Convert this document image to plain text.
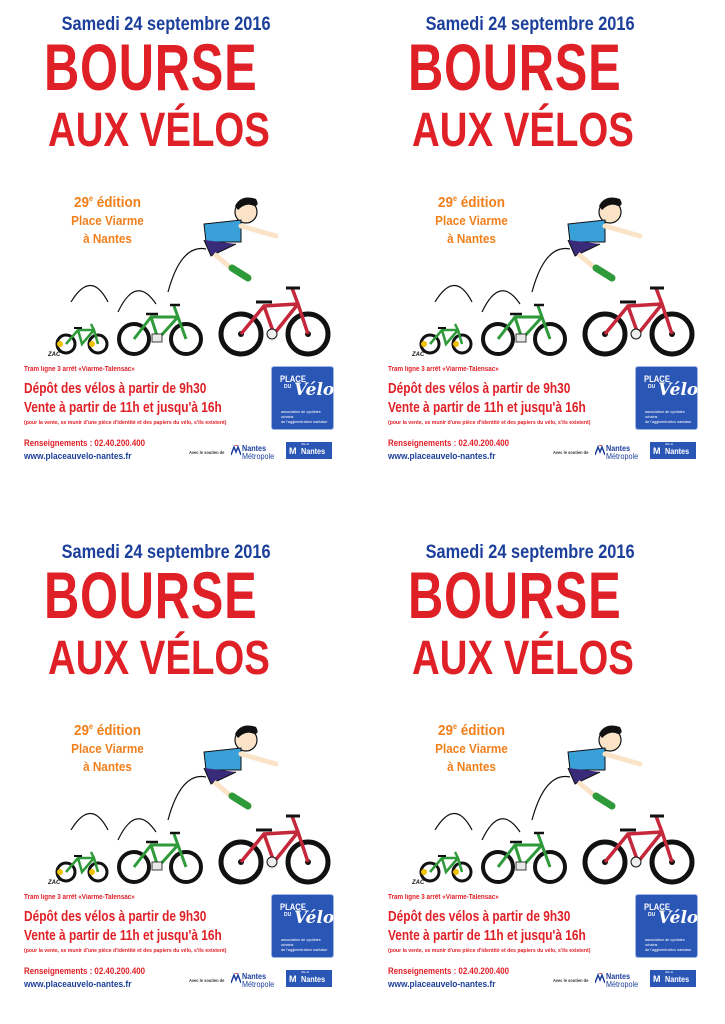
Samedi 24 septembre 2016
BOURSE
AUX VÉLOS
29e édition
Place Viarme
à Nantes
ZAC
Tram ligne 3 arrêt «Viarme-Talensac»
Dépôt des vélos à partir de 9h30
Vente à partir de 11h et jusqu'à 16h
(pour la vente, se munir d'une pièce d'identité et des papiers du vélo, s'ils existent)
Renseignements : 02.40.200.400
www.placeauvelo-nantes.fr
PLACE
DU Vélo
association de cyclistes urbains
de l'agglomération nantaise
Avec le soutien de Nantes
Métropole M
Ville de
Nantes
Samedi 24 septembre 2016
BOURSE
AUX VÉLOS
29e édition
Place Viarme
à Nantes
ZAC
Tram ligne 3 arrêt «Viarme-Talensac»
Dépôt des vélos à partir de 9h30
Vente à partir de 11h et jusqu'à 16h
(pour la vente, se munir d'une pièce d'identité et des papiers du vélo, s'ils existent)
Renseignements : 02.40.200.400
www.placeauvelo-nantes.fr
PLACE
DU Vélo
association de cyclistes urbains
de l'agglomération nantaise
Avec le soutien de Nantes
Métropole M
Ville de
Nantes
Samedi 24 septembre 2016
BOURSE
AUX VÉLOS
29e édition
Place Viarme
à Nantes
ZAC
Tram ligne 3 arrêt «Viarme-Talensac»
Dépôt des vélos à partir de 9h30
Vente à partir de 11h et jusqu'à 16h
(pour la vente, se munir d'une pièce d'identité et des papiers du vélo, s'ils existent)
Renseignements : 02.40.200.400
www.placeauvelo-nantes.fr
PLACE
DU Vélo
association de cyclistes urbains
de l'agglomération nantaise
Avec le soutien de Nantes
Métropole M
Ville de
Nantes
Samedi 24 septembre 2016
BOURSE
AUX VÉLOS
29e édition
Place Viarme
à Nantes
ZAC
Tram ligne 3 arrêt «Viarme-Talensac»
Dépôt des vélos à partir de 9h30
Vente à partir de 11h et jusqu'à 16h
(pour la vente, se munir d'une pièce d'identité et des papiers du vélo, s'ils existent)
Renseignements : 02.40.200.400
www.placeauvelo-nantes.fr
PLACE
DU Vélo
association de cyclistes urbains
de l'agglomération nantaise
Avec le soutien de Nantes
Métropole M
Ville de
Nantes
